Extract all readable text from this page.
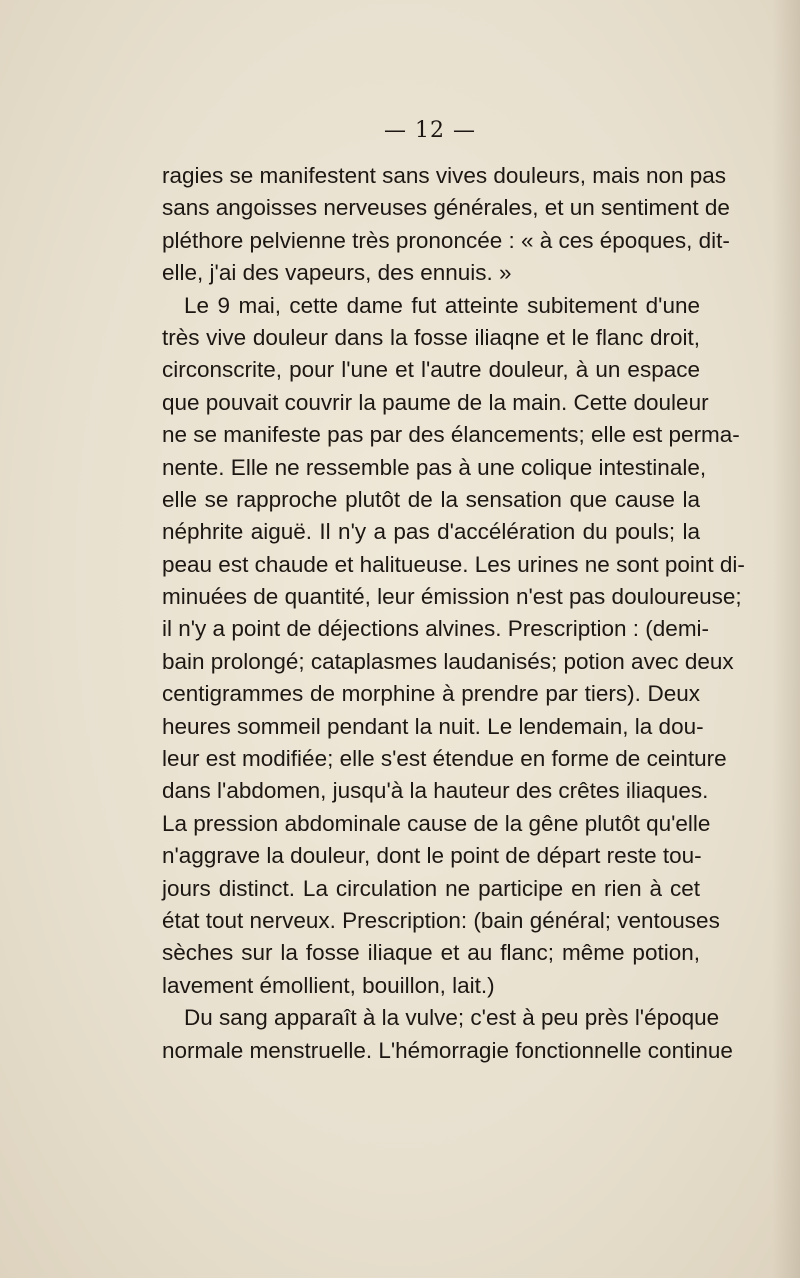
— 12 —
ragies se manifestent sans vives douleurs, mais non pas
sans angoisses nerveuses générales, et un sentiment de
pléthore pelvienne très prononcée : « à ces époques, dit-
elle, j'ai des vapeurs, des ennuis. »
Le 9 mai, cette dame fut atteinte subitement d'une
très vive douleur dans la fosse iliaqne et le flanc droit,
circonscrite, pour l'une et l'autre douleur, à un espace
que pouvait couvrir la paume de la main. Cette douleur
ne se manifeste pas par des élancements; elle est perma-
nente. Elle ne ressemble pas à une colique intestinale,
elle se rapproche plutôt de la sensation que cause la
néphrite aiguë. Il n'y a pas d'accélération du pouls; la
peau est chaude et halitueuse. Les urines ne sont point di-
minuées de quantité, leur émission n'est pas douloureuse;
il n'y a point de déjections alvines. Prescription : (demi-
bain prolongé; cataplasmes laudanisés; potion avec deux
centigrammes de morphine à prendre par tiers). Deux
heures sommeil pendant la nuit. Le lendemain, la dou-
leur est modifiée; elle s'est étendue en forme de ceinture
dans l'abdomen, jusqu'à la hauteur des crêtes iliaques.
La pression abdominale cause de la gêne plutôt qu'elle
n'aggrave la douleur, dont le point de départ reste tou-
jours distinct. La circulation ne participe en rien à cet
état tout nerveux. Prescription: (bain général; ventouses
sèches sur la fosse iliaque et au flanc; même potion,
lavement émollient, bouillon, lait.)
Du sang apparaît à la vulve; c'est à peu près l'époque
normale menstruelle. L'hémorragie fonctionnelle continue
